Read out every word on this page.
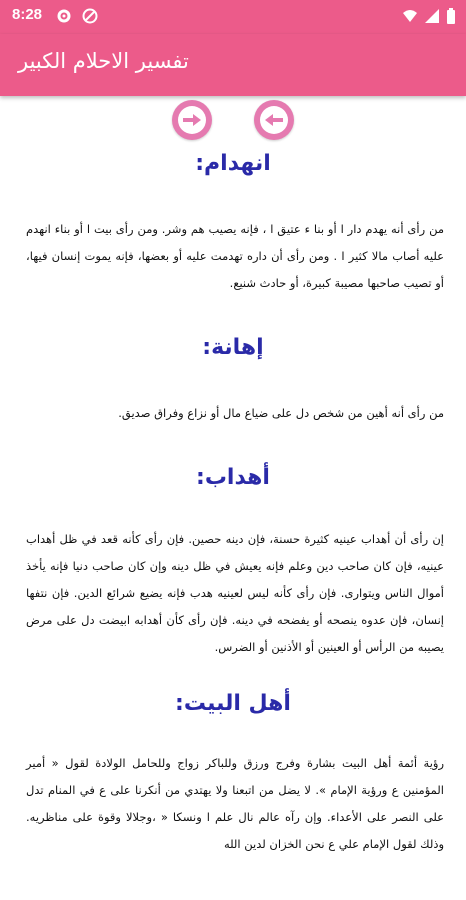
8:28
تفسير الاحلام الكبير
انهدام:

من رأى أنه يهدم دار ا أو بنا ء عتيق ا ، فإنه يصيب هم وشر. ومن رأى بيت ا أو بناء انهدم عليه أصاب مالا كثير ا . ومن رأى أن داره تهدمت عليه أو بعضها، فإنه يموت إنسان فيها، أو تصيب صاحبها مصيبة كبيرة، أو حادث شنيع.

إهانة:

من رأى أنه أهين من شخص دل على ضياع مال أو نزاع وفراق صديق.

أهداب:

إن رأى أن أهداب عينيه كثيرة حسنة، فإن دينه حصين. فإن رأى كأنه قعد في ظل أهداب عينيه، فإن كان صاحب دين وعلم فإنه يعيش في ظل دينه وإن كان صاحب دنيا فإنه يأخذ أموال الناس ويتوارى. فإن رأى كأنه ليس لعينيه هدب فإنه يضيع شرائع الدين. فإن نتفها إنسان، فإن عدوه ينصحه أو يفضحه في دينه. فإن رأى كأن أهدابه ابيضت دل على مرض يصيبه من الرأس أو العينين أو الأذنين أو الضرس.

أهل البيت:

رؤية أئمة أهل البيت بشارة وفرج ورزق وللباكر زواج وللحامل الولادة لقول « أمير المؤمنين ع ورؤية الإمام ». لا يضل من اتبعنا ولا يهتدي من أنكرنا على ع في المنام تدل على النصر على الأعداء. وإن رآه عالم نال علم ا ونسكا « ،وجلالا وقوة على مناظريه. وذلك لقول الإمام علي ع نحن الخزان لدين الله
